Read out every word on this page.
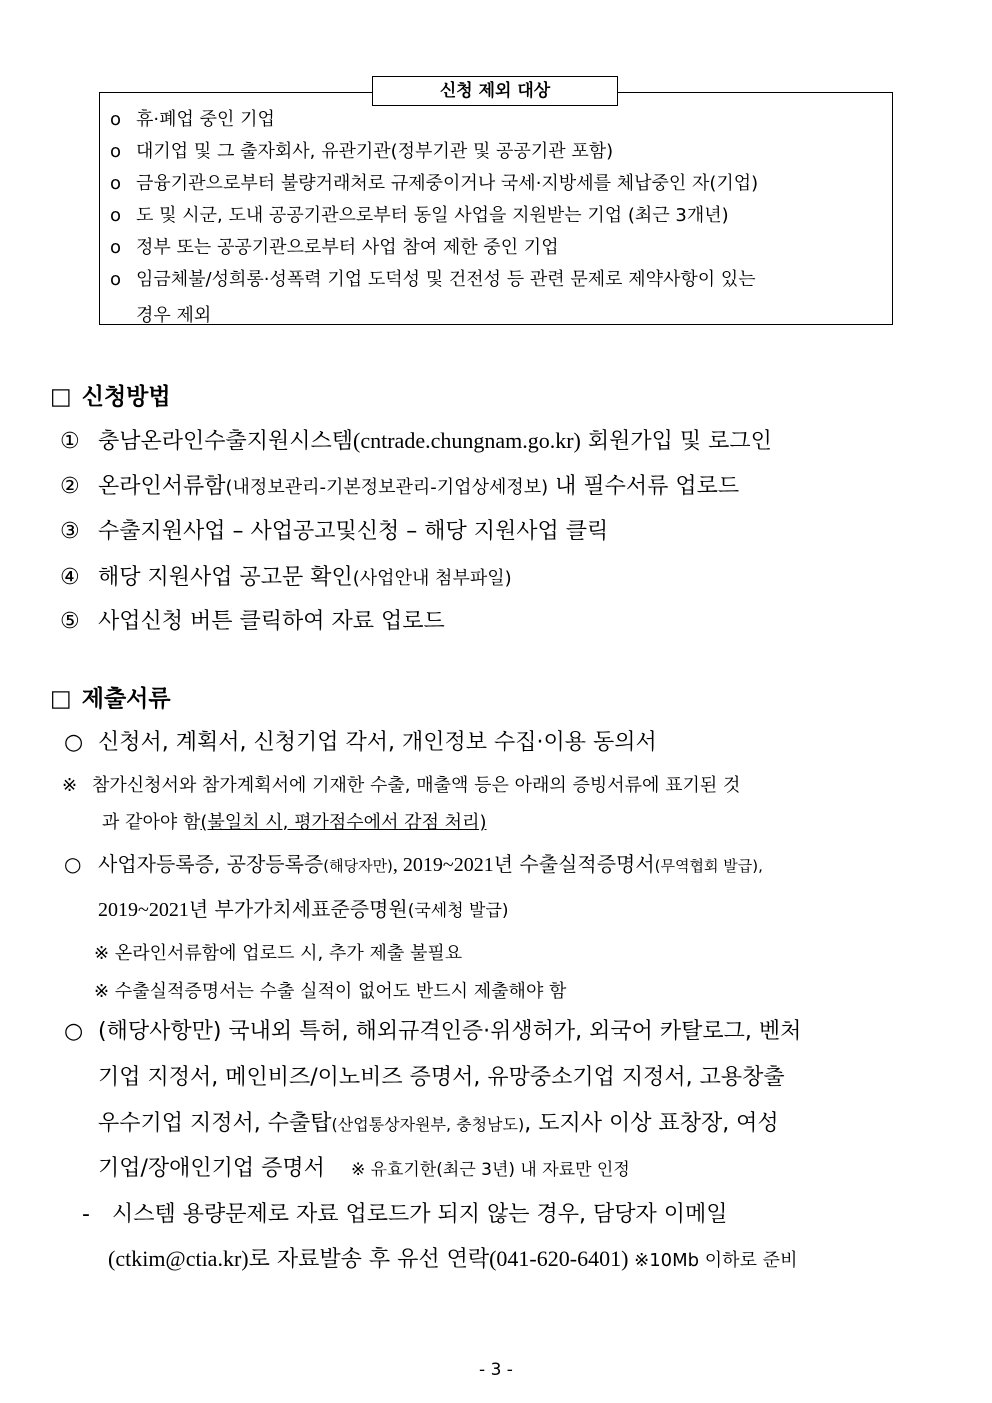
신청 제외 대상
o 휴·폐업 중인 기업
o 대기업 및 그 출자회사, 유관기관(정부기관 및 공공기관 포함)
o 금융기관으로부터 불량거래처로 규제중이거나 국세·지방세를 체납중인 자(기업)
o 도 및 시군, 도내 공공기관으로부터 동일 사업을 지원받는 기업 (최근 3개년)
o 정부 또는 공공기관으로부터 사업 참여 제한 중인 기업
o 임금체불/성희롱·성폭력 기업 도덕성 및 건전성 등 관련 문제로 제약사항이 있는
경우 제외
□ 신청방법
① 충남온라인수출지원시스템(cntrade.chungnam.go.kr) 회원가입 및 로그인
② 온라인서류함(내정보관리-기본정보관리-기업상세정보) 내 필수서류 업로드
③ 수출지원사업 – 사업공고및신청 – 해당 지원사업 클릭
④ 해당 지원사업 공고문 확인(사업안내 첨부파일)
⑤ 사업신청 버튼 클릭하여 자료 업로드
□ 제출서류
○ 신청서, 계획서, 신청기업 각서, 개인정보 수집·이용 동의서
※ 참가신청서와 참가계획서에 기재한 수출, 매출액 등은 아래의 증빙서류에 표기된 것
과 같아야 함(불일치 시, 평가점수에서 감점 처리)
○ 사업자등록증, 공장등록증(해당자만), 2019~2021년 수출실적증명서(무역협회 발급),
2019~2021년 부가가치세표준증명원(국세청 발급)
※ 온라인서류함에 업로드 시, 추가 제출 불필요
※ 수출실적증명서는 수출 실적이 없어도 반드시 제출해야 함
○ (해당사항만) 국내외 특허, 해외규격인증·위생허가, 외국어 카탈로그, 벤처
기업 지정서, 메인비즈/이노비즈 증명서, 유망중소기업 지정서, 고용창출
우수기업 지정서, 수출탑(산업통상자원부, 충청남도), 도지사 이상 표창장, 여성
기업/장애인기업 증명서 ※ 유효기한(최근 3년) 내 자료만 인정
- 시스템 용량문제로 자료 업로드가 되지 않는 경우, 담당자 이메일
(ctkim@ctia.kr)로 자료발송 후 유선 연락(041-620-6401) ※10Mb 이하로 준비
- 3 -
